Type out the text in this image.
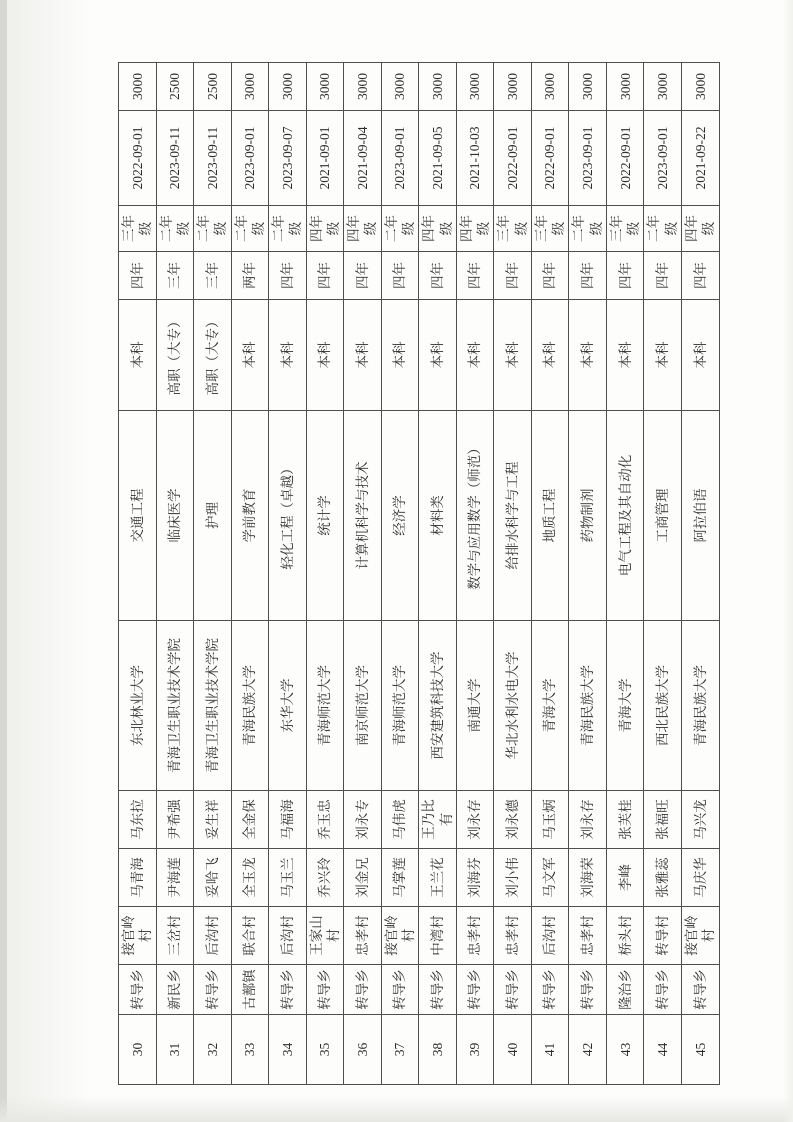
30	转导乡	接官岭村	马青海	马东拉	东北林业大学	交通工程	本科	四年	三年级	2022-09-01	3000
31	新民乡	三岔村	尹海莲	尹希强	青海卫生职业技术学院	临床医学	高职（大专）	三年	二年级	2023-09-11	2500
32	转导乡	后沟村	妥哈飞	妥生祥	青海卫生职业技术学院	护理	高职（大专）	三年	二年级	2023-09-11	2500
33	古鄯镇	联合村	全玉龙	全金保	青海民族大学	学前教育	本科	两年	二年级	2023-09-01	3000
34	转导乡	后沟村	马玉兰	马福海	东华大学	轻化工程（卓越）	本科	四年	二年级	2023-09-07	3000
35	转导乡	王家山村	乔兴玲	乔玉忠	青海师范大学	统计学	本科	四年	四年级	2021-09-01	3000
36	转导乡	忠孝村	刘金兄	刘永专	南京师范大学	计算机科学与技术	本科	四年	四年级	2021-09-04	3000
37	转导乡	接官岭村	马掌莲	马伟虎	青海师范大学	经济学	本科	四年	二年级	2023-09-01	3000
38	转导乡	中湾村	王兰花	王乃比有	西安建筑科技大学	材料类	本科	四年	四年级	2021-09-05	3000
39	转导乡	忠孝村	刘海芬	刘永存	南通大学	数学与应用数学（师范）	本科	四年	四年级	2021-10-03	3000
40	转导乡	忠孝村	刘小伟	刘永德	华北水利水电大学	给排水科学与工程	本科	四年	三年级	2022-09-01	3000
41	转导乡	后沟村	马文军	马玉炳	青海大学	地质工程	本科	四年	三年级	2022-09-01	3000
42	转导乡	忠孝村	刘海荣	刘永存	青海民族大学	药物制剂	本科	四年	二年级	2023-09-01	3000
43	隆治乡	桥头村	李峰	张芙桂	青海大学	电气工程及其自动化	本科	四年	三年级	2022-09-01	3000
44	转导乡	转导村	张雅蕊	张福旺	西北民族大学	工商管理	本科	四年	二年级	2023-09-01	3000
45	转导乡	接官岭村	马庆华	马兴龙	青海民族大学	阿拉伯语	本科	四年	四年级	2021-09-22	3000
